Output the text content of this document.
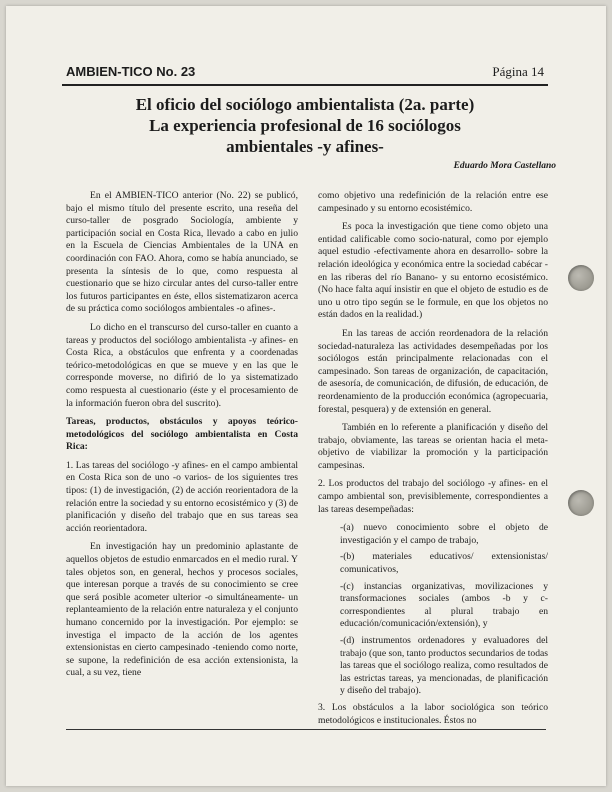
AMBIEN-TICO No. 23	Página 14
El oficio del sociólogo ambientalista (2a. parte)
La experiencia profesional de 16 sociólogos
ambientales -y afines-
Eduardo Mora Castellano

En el AMBIEN-TICO anterior (No. 22) se publicó, bajo el mismo título del presente escrito, una reseña del curso-taller de posgrado Sociología, ambiente y participación social en Costa Rica, llevado a cabo en julio en la Escuela de Ciencias Ambientales de la UNA en coordinación con FAO. Ahora, como se había anunciado, se presenta la síntesis de lo que, como respuesta al cuestionario que se hizo circular antes del curso-taller entre los futuros participantes en éste, ellos sistematizaron acerca de su práctica como sociólogos ambientales -o afines-.

Lo dicho en el transcurso del curso-taller en cuanto a tareas y productos del sociólogo ambientalista -y afines- en Costa Rica, a obstáculos que enfrenta y a coordenadas teórico-metodológicas en que se mueve y en las que le corresponde moverse, no difirió de lo ya sistematizado como respuesta al cuestionario (éste y el procesamiento de la información fueron obra del suscrito).

Tareas, productos, obstáculos y apoyos teórico-metodológicos del sociólogo ambientalista en Costa Rica:

1. Las tareas del sociólogo -y afines- en el campo ambiental en Costa Rica son de uno -o varios- de los siguientes tres tipos: (1) de investigación, (2) de acción reorientadora de la relación entre la sociedad y su entorno ecosistémico y (3) de planificación y diseño del trabajo que en sus tareas sea acción reorientadora.

En investigación hay un predominio aplastante de aquellos objetos de estudio enmarcados en el medio rural. Y tales objetos son, en general, hechos y procesos sociales, que interesan porque a través de su conocimiento se cree que será posible acometer ulterior -o simultáneamente- un replanteamiento de la relación entre naturaleza y el conjunto humano concernido por la investigación. Por ejemplo: se investiga el impacto de la acción de los agentes extensionistas en cierto campesinado -teniendo como norte, se supone, la redefinición de esa acción extensionista, la cual, a su vez, tiene

como objetivo una redefinición de la relación entre ese campesinado y su entorno ecosistémico.

Es poca la investigación que tiene como objeto una entidad calificable como socio-natural, como por ejemplo aquel estudio -efectivamente ahora en desarrollo- sobre la relación ideológica y económica entre la sociedad cabécar -en las riberas del río Banano- y su entorno ecosistémico. (No hace falta aquí insistir en que el objeto de estudio es de uno u otro tipo según se le formule, en que los objetos no están dados en la realidad.)

En las tareas de acción reordenadora de la relación sociedad-naturaleza las actividades desempeñadas por los sociólogos están principalmente relacionadas con el campesinado. Son tareas de organización, de capacitación, de asesoría, de comunicación, de difusión, de educación, de reordenamiento de la producción económica (agropecuaria, forestal, pesquera) y de extensión en general.

También en lo referente a planificación y diseño del trabajo, obviamente, las tareas se orientan hacia el meta-objetivo de viabilizar la promoción y la participación campesinas.

2. Los productos del trabajo del sociólogo -y afines- en el campo ambiental son, previsiblemente, correspondientes a las tareas desempeñadas:

-(a) nuevo conocimiento sobre el objeto de investigación y el campo de trabajo,

-(b) materiales educativos/ extensionistas/ comunicativos,

-(c) instancias organizativas, movilizaciones y transformaciones sociales (ambos -b y c- correspondientes al plural trabajo en educación/comunicación/extensión), y

-(d) instrumentos ordenadores y evaluadores del trabajo (que son, tanto productos secundarios de todas las tareas que el sociólogo realiza, como resultados de las estrictas tareas, ya mencionadas, de planificación y diseño del trabajo).

3. Los obstáculos a la labor sociológica son teórico metodológicos e institucionales. Éstos no
